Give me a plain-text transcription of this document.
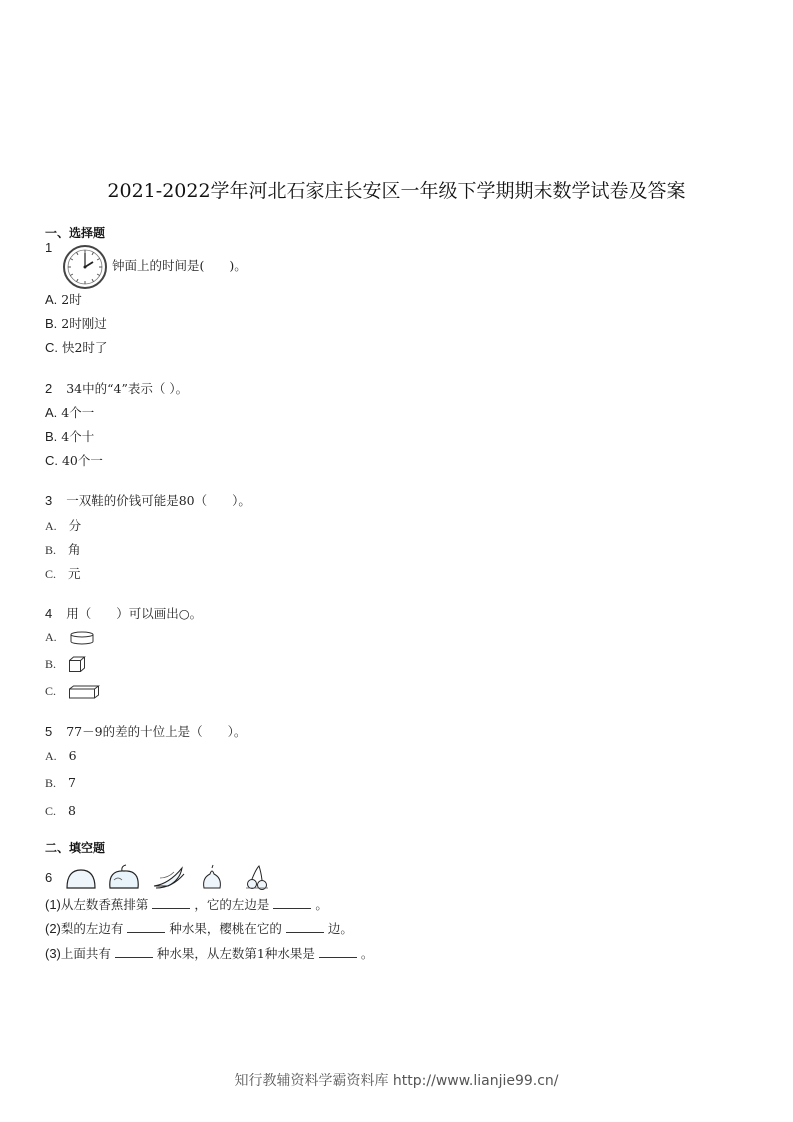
2021-2022学年河北石家庄长安区一年级下学期期末数学试卷及答案
一、选择题
1
钟面上的时间是(　　)。
A. 2时
B. 2时刚过
C. 快2时了
2 34中的“4”表示（ ）。
A. 4个一
B. 4个十
C. 40个一
3 一双鞋的价钱可能是80（　　）。
A. 分
B. 角
C. 元
4 用（　　）可以画出○。
A.
B.
C.
5 77－9的差的十位上是（　　）。
A. 6
B. 7
C. 8
二、填空题
6
(1)从左数香蕉排第	，它的左边是	。
(2)梨的左边有	种水果，樱桃在它的	边。
(3)上面共有	种水果，从左数第1种水果是	。
知行教辅资料学霸资料库 http://www.lianjie99.cn/
